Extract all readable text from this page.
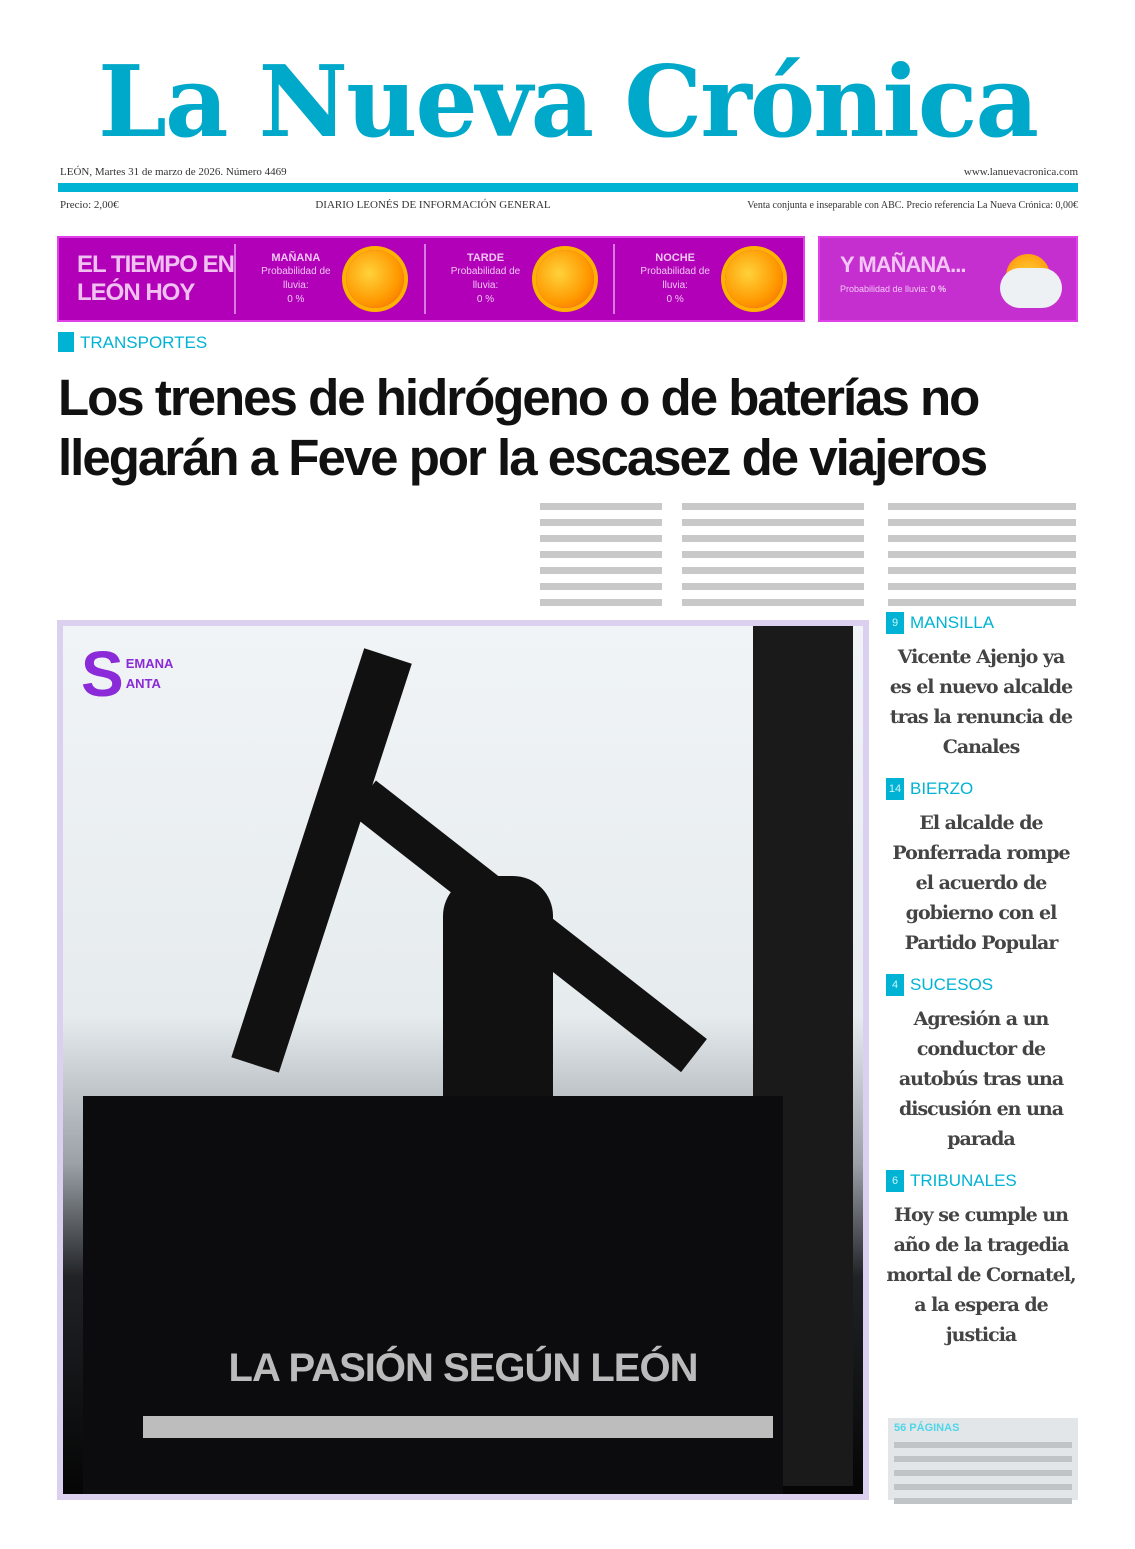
La Nueva Crónica
LEÓN, Martes 31 de marzo de 2026. Número 4469	www.lanuevacronica.com
Precio: 2,00€	DIARIO LEONÉS DE INFORMACIÓN GENERAL	Venta conjunta e inseparable con ABC. Precio referencia La Nueva Crónica: 0,00€
EL TIEMPO EN LEÓN HOY
MAÑANA
Probabilidad de lluvia:
0 %
TARDE
Probabilidad de lluvia:
0 %
NOCHE
Probabilidad de lluvia:
0 %
Y MAÑANA...
Probabilidad de lluvia: 0 %
TRANSPORTES
Los trenes de hidrógeno o de baterías no llegarán a Feve por la escasez de viajeros
S EMANA
ANTA
LA PASIÓN SEGÚN LEÓN
9 MANSILLA
Vicente Ajenjo ya es el nuevo alcalde tras la renuncia de Canales
14 BIERZO
El alcalde de Ponferrada rompe el acuerdo de gobierno con el Partido Popular
4 SUCESOS
Agresión a un conductor de autobús tras una discusión en una parada
6 TRIBUNALES
Hoy se cumple un año de la tragedia mortal de Cornatel, a la espera de justicia
56 PÁGINAS
